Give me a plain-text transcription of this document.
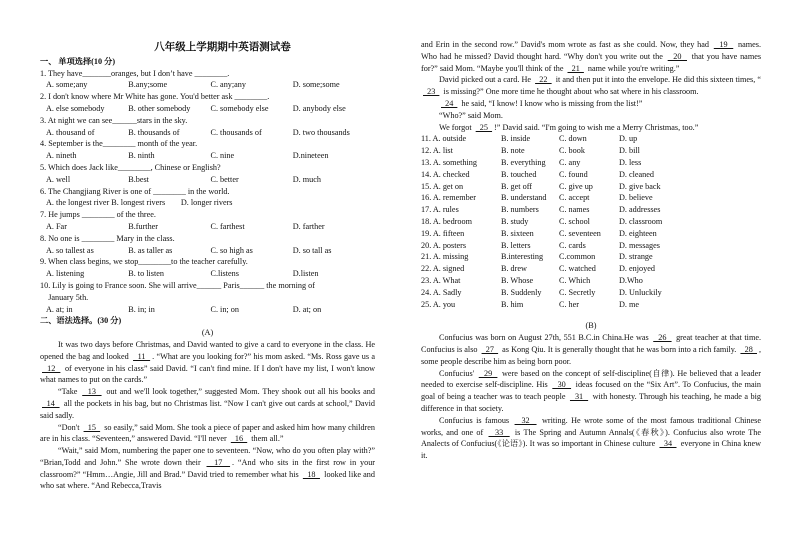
八年级上学期期中英语测试卷
一、 单项选择(10 分)
1. They have_______oranges, but I don’t have ________.
A. some;any	B.any;some	C. any;any	D. some;some
2. I don't know where Mr White has gone. You'd better ask ________.
A. else somebody	B. other somebody	C. somebody else	D. anybody else
3. At night we can see______stars in the sky.
A. thousand of	B. thousands of	C. thousands of	D. two thousands
4. September is the________ month of the year.
A. nineth	B. ninth	C. nine	D.nineteen
5. Which does Jack like________, Chinese or English?
A. well	B.best	C. better	D. much
6. The Changjiang River is one of ________ in the world.
A. the longest river B. longest rivers	D. longer rivers
7. He jumps ________ of the three.
A. Far	B.further	C. farthest	D. farther
8. No one is ________ Mary in the class.
A. so tallest as	B. as taller as	C. so high as	D. so tall as
9. When class begins, we stop________to the teacher carefully.
A. listening	B. to listen	C.listens	D.listen
10. Lily is going to France soon. She will arrive______ Paris______ the morning of
January 5th.
A. at; in	B. in; in	C. in; on	D. at; on
二、语法选择。(30 分)
(A)
It was two days before Christmas, and David wanted to give a card to everyone in the class. He opened the bag and looked   11  . “What are you looking for?” his mom asked. “Ms. Ross gave us a   12   of everyone in his class” said David. “I can't find mine. If I don't have my list, I won't know what names to put on the cards.”
“Take   13   out and we'll look together,” suggested Mom. They shook out all his books and   14   all the pockets in his bag, but no Christmas list. “Now I can't give out cards at school,” David said sadly.
“Don't   15   so easily,” said Mom. She took a piece of paper and asked him how many children are in his class. “Seventeen,” answered David. “I'll never   16   them all.”
“Wait,” said Mom, numbering the paper one to seventeen. “Now, who do you often play with?” “Brian,Todd and John.” She wrote down their   17  . “And who sits in the first row in your classroom?” “Hmm…Angie, Jill and Brad.” David tried to remember what his   18   looked like and who sat where. “And Rebecca,Travis
and Erin in the second row.” David's mom wrote as fast as she could. Now, they had   19   names. Who had he missed? David thought hard. “Why don't you write out the   20   that you have names for?” said Mom. “Maybe you'll think of the   21   name while you're writing.”
David picked out a card. He   22   it and then put it into the envelope. He did this sixteen times, “   23   is missing?” One more time he thought about who sat where in his classroom.
24   he said, “I know! I know who is missing from the list!”
“Who?” said Mom.
We forgot   25  !” David said. “I'm going to wish me a Merry Christmas, too.”
11. A. outside	B. inside	C. down	D. up
12. A. list	B. note	C. book	D. bill
13. A. something	B. everything	C. any	D. less
14. A. checked	B. touched	C. found	D. cleaned
15. A. get on	B. get off	C. give up	D. give back
16. A. remember	B. understand	C. accept	D. believe
17. A. rules	B. numbers	C. names	D. addresses
18. A. bedroom	B. study	C. school	D. classroom
19. A. fifteen	B. sixteen	C. seventeen	D. eighteen
20. A. posters	B. letters	C. cards	D. messages
21. A. missing	B.interesting	C.common	D. strange
22. A. signed	B. drew	C. watched	D. enjoyed
23. A. What	B. Whose	C. Which	D.Who
24. A. Sadly	B. Suddenly	C. Secretly	D. Unluckily
25. A. you	B. him	C. her	D. me
(B)
Confucius was born on August 27th, 551 B.C.in China.He was   26   great teacher at that time. Confucius is also   27   as Kong Qiu. It is generally thought that he was born into a rich family.   28  , some people describe him as being born poor.
Confucius'   29   were based on the concept of self-discipline(自律). He believed that a leader needed to exercise self-discipline. His   30   ideas focused on the “Six Art”. To Confucius, the main goal of being a teacher was to teach people   31   with honesty. Through his teaching, he made a big difference in that society.
Confucius is famous   32   writing. He wrote some of the most famous traditional Chinese works, and one of   33   is The Spring and Autumn Annals(《春秋》). Confucius also wrote The Analects of Confucius(《论语》). It was so important in Chinese culture   34   everyone in China knew it.
